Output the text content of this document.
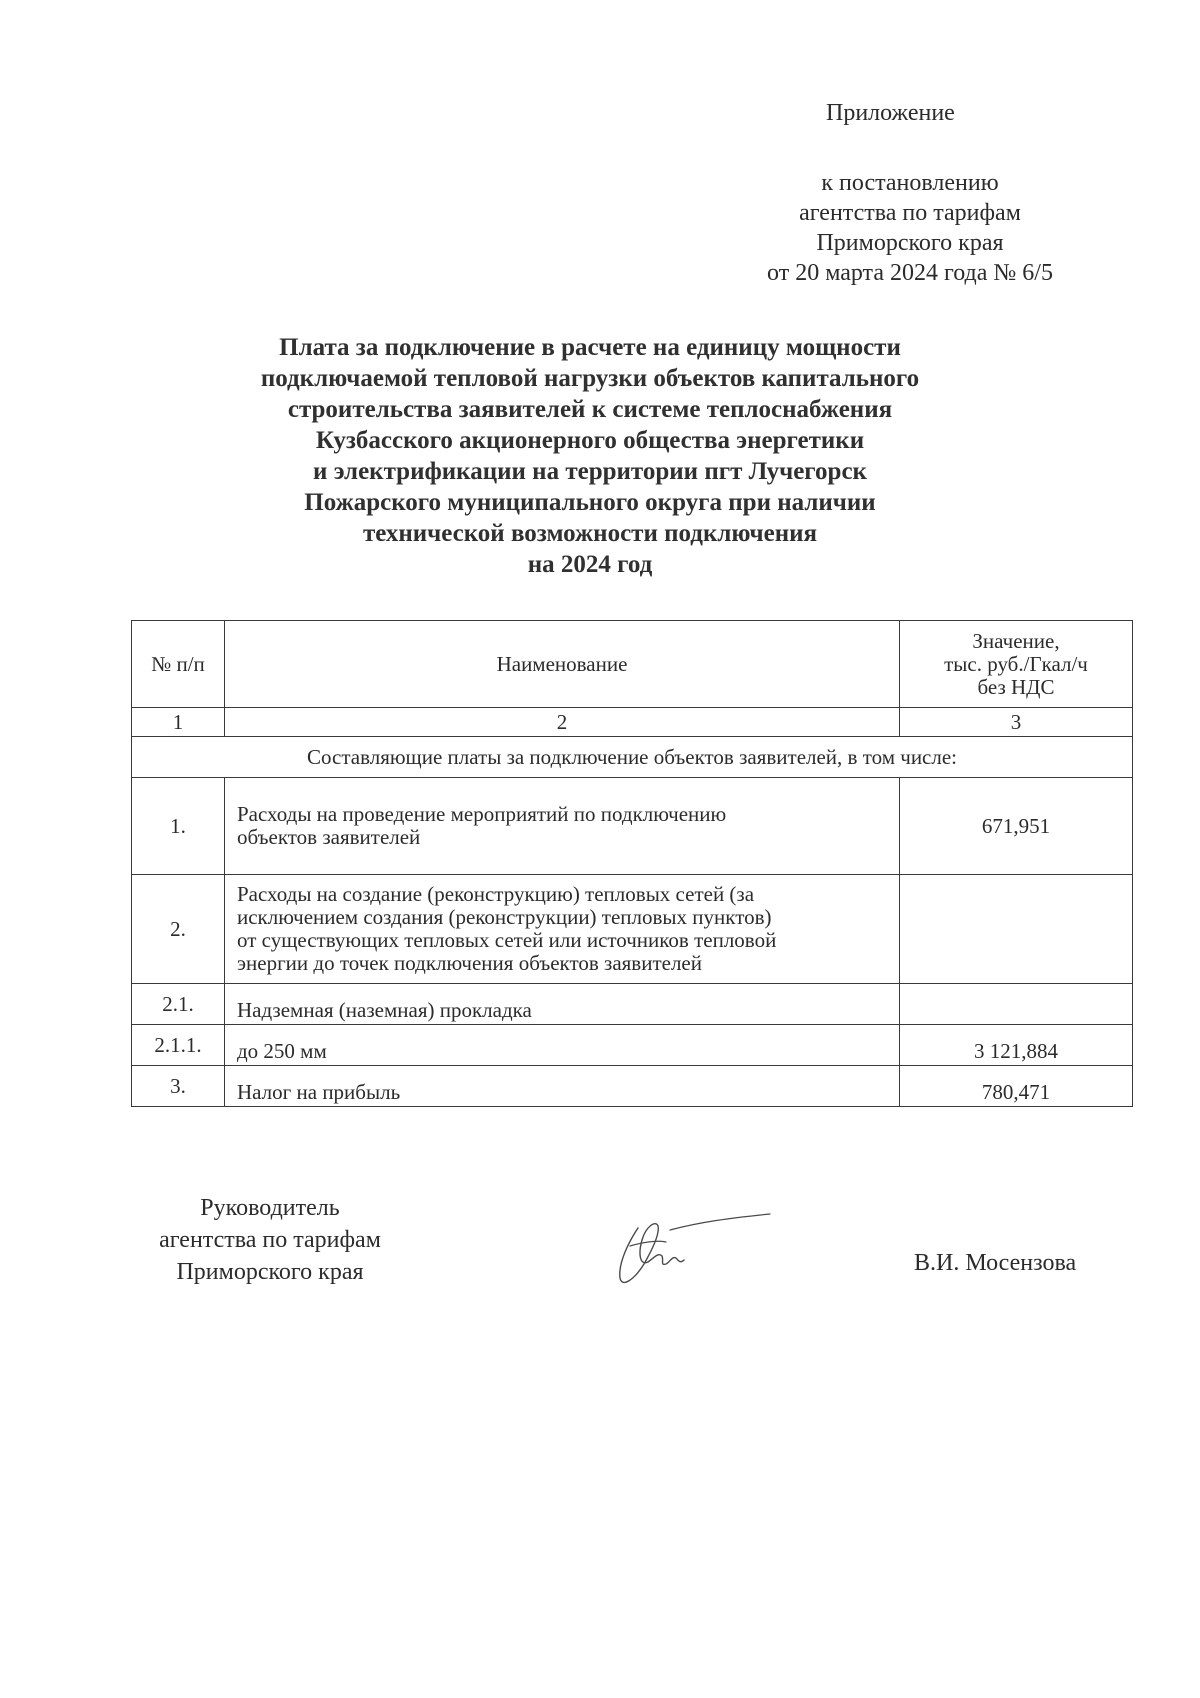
Приложение
к постановлению
агентства по тарифам
Приморского края
от 20 марта 2024 года № 6/5
Плата за подключение в расчете на единицу мощности
подключаемой тепловой нагрузки объектов капитального
строительства заявителей к системе теплоснабжения
Кузбасского акционерного общества энергетики
и электрификации на территории пгт Лучегорск
Пожарского муниципального округа при наличии
технической возможности подключения
на 2024 год
№ п/п	Наименование	Значение,
тыс. руб./Гкал/ч
без НДС

1	2	3
Составляющие платы за подключение объектов заявителей, в том числе:		
1.	Расходы на проведение мероприятий по подключению
объектов заявителей	671,951
2.	Расходы на создание (реконструкцию) тепловых сетей (за
исключением создания (реконструкции) тепловых пунктов)
от существующих тепловых сетей или источников тепловой
энергии до точек подключения объектов заявителей	

2.1.	Надземная (наземная) прокладка	

2.1.1.	до 250 мм	3 121,884
3.	Налог на прибыль	780,471
Руководитель
агентства по тарифам
Приморского края	В.И. Мосензова
